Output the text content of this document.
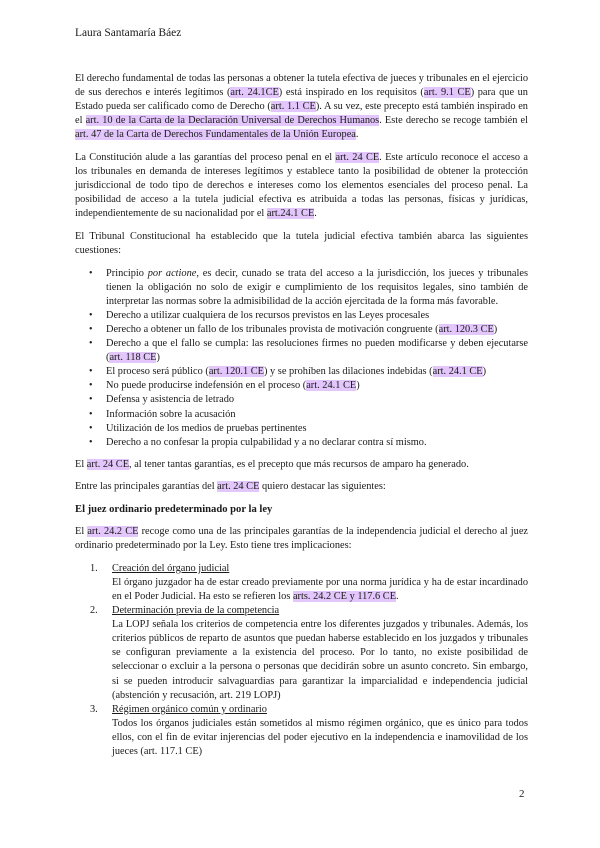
Laura Santamaría Báez

El derecho fundamental de todas las personas a obtener la tutela efectiva de jueces y tribunales en el ejercicio de sus derechos e interés legítimos (art. 24.1CE) está inspirado en los requisitos (art. 9.1 CE) para que un Estado pueda ser calificado como de Derecho (art. 1.1 CE). A su vez, este precepto está también inspirado en el art. 10 de la Carta de la Declaración Universal de Derechos Humanos. Este derecho se recoge también el art. 47 de la Carta de Derechos Fundamentales de la Unión Europea.

La Constitución alude a las garantías del proceso penal en el art. 24 CE. Este artículo reconoce el acceso a los tribunales en demanda de intereses legítimos y establece tanto la posibilidad de obtener la protección jurisdiccional de todo tipo de derechos e intereses como los elementos esenciales del proceso penal. La posibilidad de acceso a la tutela judicial efectiva es atribuida a todas las personas, físicas y jurídicas, independientemente de su nacionalidad por el art.24.1 CE.

El Tribunal Constitucional ha establecido que la tutela judicial efectiva también abarca las siguientes cuestiones:

• Principio por actione, es decir, cunado se trata del acceso a la jurisdicción, los jueces y tribunales tienen la obligación no solo de exigir e cumplimiento de los requisitos legales, sino también de interpretar las normas sobre la admisibilidad de la acción ejercitada de la forma más favorable.
• Derecho a utilizar cualquiera de los recursos previstos en las Leyes procesales
• Derecho a obtener un fallo de los tribunales provista de motivación congruente (art. 120.3 CE)
• Derecho a que el fallo se cumpla: las resoluciones firmes no pueden modificarse y deben ejecutarse (art. 118 CE)
• El proceso será público (art. 120.1 CE) y se prohíben las dilaciones indebidas (art. 24.1 CE)
• No puede producirse indefensión en el proceso (art. 24.1 CE)
• Defensa y asistencia de letrado
• Información sobre la acusación
• Utilización de los medios de pruebas pertinentes
• Derecho a no confesar la propia culpabilidad y a no declarar contra sí mismo.

El art. 24 CE, al tener tantas garantías, es el precepto que más recursos de amparo ha generado.

Entre las principales garantías del art. 24 CE quiero destacar las siguientes:

El juez ordinario predeterminado por la ley

El art. 24.2 CE recoge como una de las principales garantías de la independencia judicial el derecho al juez ordinario predeterminado por la Ley. Esto tiene tres implicaciones:

1. Creación del órgano judicial
El órgano juzgador ha de estar creado previamente por una norma jurídica y ha de estar incardinado en el Poder Judicial. Ha esto se refieren los arts. 24.2 CE y 117.6 CE.
2. Determinación previa de la competencia
La LOPJ señala los criterios de competencia entre los diferentes juzgados y tribunales. Además, los criterios públicos de reparto de asuntos que puedan haberse establecido en los juzgados y tribunales se configuran previamente a la existencia del proceso. Por lo tanto, no existe posibilidad de seleccionar o excluir a la persona o personas que decidirán sobre un asunto concreto. Sin embargo, si se pueden introducir salvaguardias para garantizar la imparcialidad e independencia judicial (abstención y recusación, art. 219 LOPJ)
3. Régimen orgánico común y ordinario
Todos los órganos judiciales están sometidos al mismo régimen orgánico, que es único para todos ellos, con el fin de evitar injerencias del poder ejecutivo en la independencia e inamovilidad de los jueces (art. 117.1 CE)
2
